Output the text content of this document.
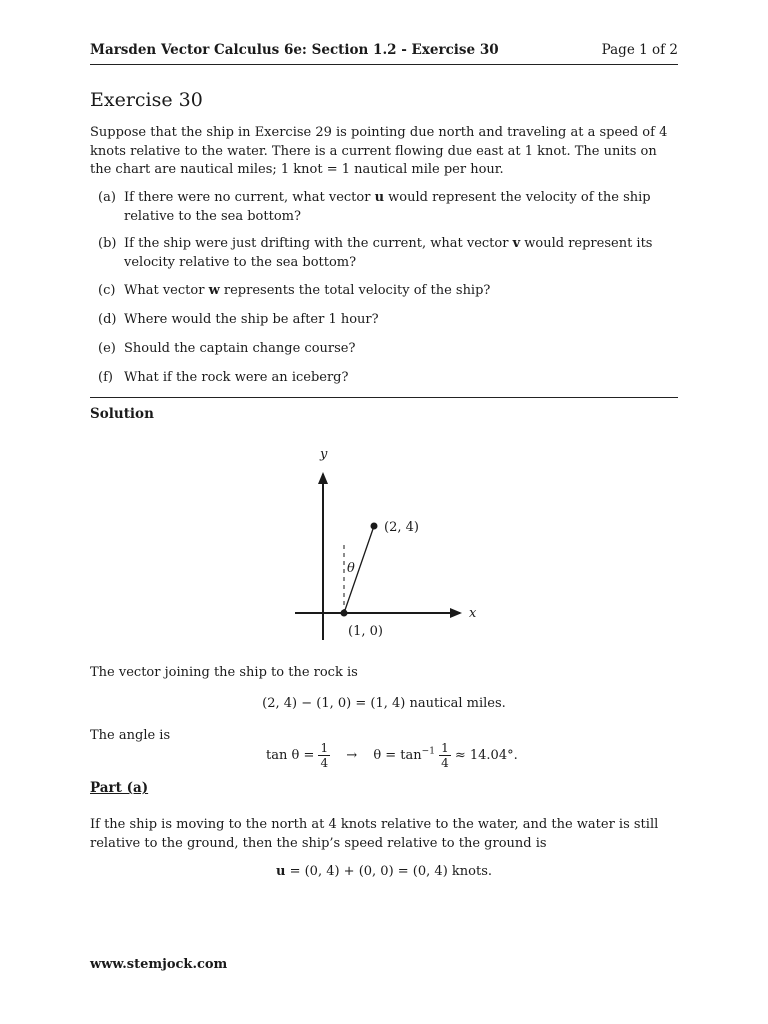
Marsden Vector Calculus 6e: Section 1.2 - Exercise 30	Page 1 of 2
Exercise 30
Suppose that the ship in Exercise 29 is pointing due north and traveling at a speed of 4 knots relative to the water. There is a current flowing due east at 1 knot. The units on the chart are nautical miles; 1 knot = 1 nautical mile per hour.
(a) If there were no current, what vector u would represent the velocity of the ship relative to the sea bottom?
(b) If the ship were just drifting with the current, what vector v would represent its velocity relative to the sea bottom?
(c) What vector w represents the total velocity of the ship?
(d) Where would the ship be after 1 hour?
(e) Should the captain change course?
(f) What if the rock were an iceberg?
Solution
y
x
(2, 4)
(1, 0)
θ
The vector joining the ship to the rock is
(2, 4) − (1, 0) = (1, 4) nautical miles.
The angle is
$\tan \theta = \frac{1}{4} \to \theta = \tan^{-1} \frac{1}{4} \approx 14.04^\circ$.
Part (a)
If the ship is moving to the north at 4 knots relative to the water, and the water is still relative to the ground, then the ship’s speed relative to the ground is
u = (0, 4) + (0, 0) = (0, 4) knots.
www.stemjock.com
